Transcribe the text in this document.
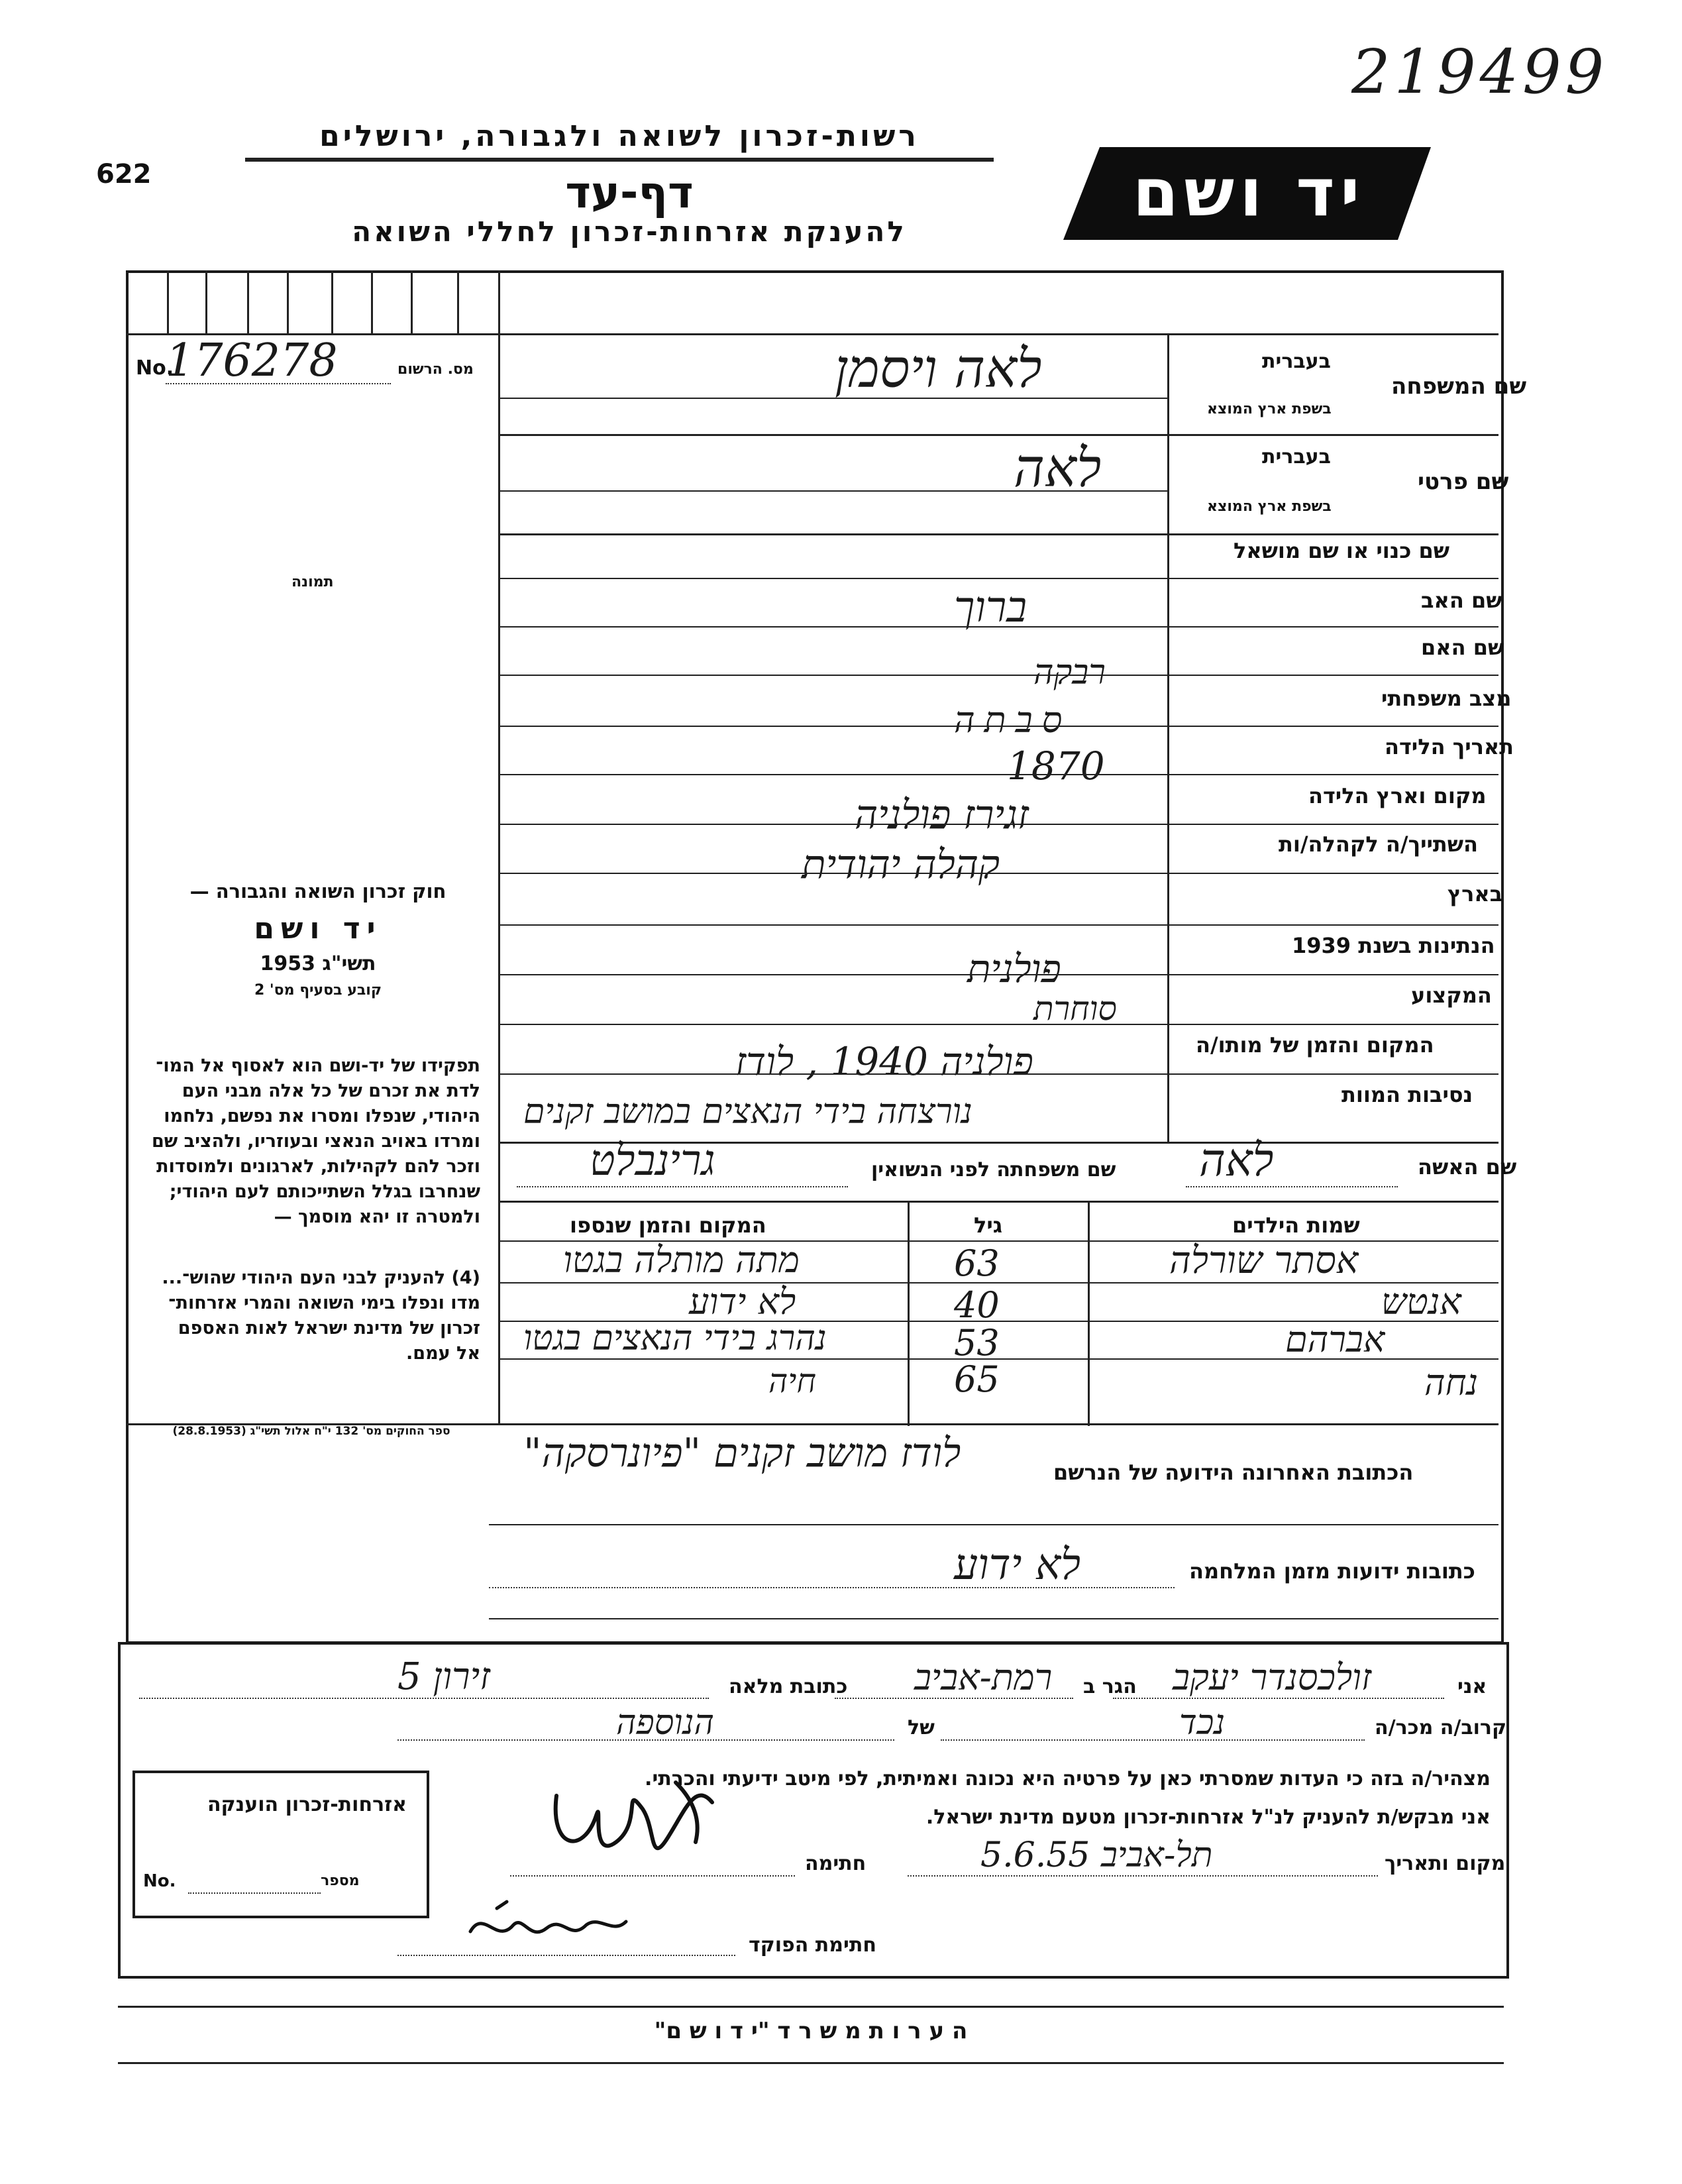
219499
622
רשות-זכרון לשואה ולגבורה, ירושלים
דף-עד
להענקת אזרחות-זכרון לחללי השואה
יד ושם
No.
176278	מס. הרשום
תמונה
בעברית
שם המשפחה
בשפת ארץ המוצא
לאה ויסמן
בעברית
שם פרטי
בשפת ארץ המוצא
לאה
שם כנוי או שם מושאל
שם האב
ברוך
שם האם
רבקה
מצב משפחתי
סבתה
תאריך הלידה
1870
מקום וארץ הלידה
זגירז פולניה
השתייך/ה לקהלה/ות
קהלה יהודית
בארץ
הנתינות בשנת 1939
פולנית
המקצוע
סוחרת
המקום והזמן של מותו/ה
פולניה 1940 , לודז
נסיבות המוות
נורצחה בידי הנאצים במושב זקנים
שם האשה
לאה
שם משפחתה לפני הנשואין
גרינבלט
שמות הילדים
גיל
המקום והזמן שנספו
אסתר שורלה
63
מתה מותלה בגטו
אנטש
40
לא ידוע
אברהם
53
נהרג בידי הנאצים בגטו
נחה
65
חיה
חוק זכרון השואה והגבורה —
יד ושם
תשי"ג 1953
קובע בסעיף מס' 2
תפקידו של יד-ושם הוא לאסוף אל המו־
לדת את זכרם של כל אלה מבני העם
היהודי, שנפלו ומסרו את נפשם, נלחמו
ומרדו באויב הנאצי ובעוזריו, ולהציב שם
וזכר להם לקהילות, לארגונים ולמוסדות
שנחרבו בגלל השתייכותם לעם היהודי;
ולמטרה זו יהא מוסמך —
(4) להעניק לבני העם היהודי שהוש־...
מדו ונפלו בימי השואה והמרי אזרחות־
זכרון של מדינת ישראל לאות האספם
אל עמם.
ספר החוקים מס' 132 י"ח אלול תשי"ג (28.8.1953)
הכתובת האחרונה הידועה של הנרשם
לודז מושב זקנים "פיונרסקה"
כתובות ידועות מזמן המלחמה
לא ידוע
אני
זולכסנדר יעקב
הגר ב
רמת-אביב
כתובת מלאה
זירון 5
קרוב/ה מכר/ה
נכד
של
הנוספה
מצהיר/ה בזה כי העדות שמסרתי כאן על פרטיה היא נכונה ואמיתית, לפי מיטב ידיעתי והכרתי.
אני מבקש/ת להעניק לנ"ל אזרחות-זכרון מטעם מדינת ישראל.
מקום ותאריך
תל-אביב 5.6.55
חתימה
חתימת הפוקד
אזרחות-זכרון הוענקה
No.	מספר
ה ע ר ו ת מ ש ר ד "י ד ו ש ם"
